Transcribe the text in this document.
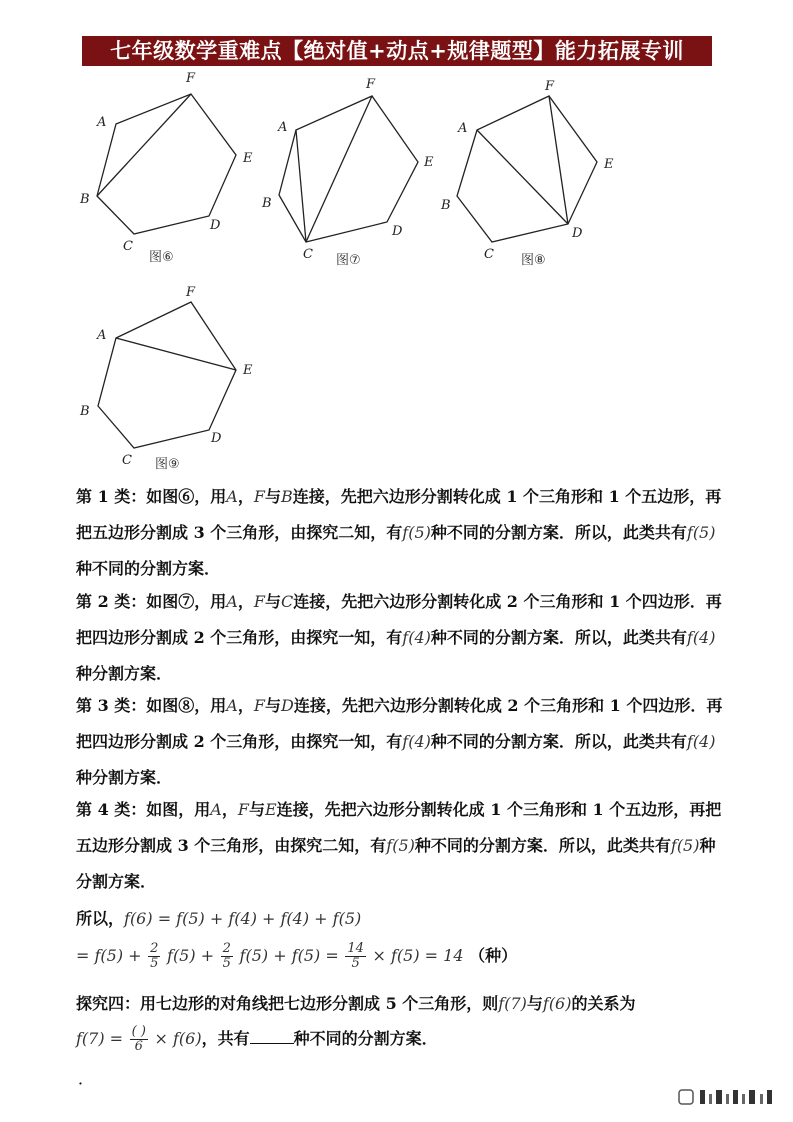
七年级数学重难点【绝对值+动点+规律题型】能力拓展专训
A
B
C
D
E
F
A
B
C
D
E
F
A
B
C
D
E
F
A
B
C
D
E
F
图⑥	图⑦	图⑧
图⑨
第 1 类：如图⑥，用A，F与B连接，先把六边形分割转化成 1 个三角形和 1 个五边形，再把五边形分割成 3 个三角形，由探究二知，有f(5)种不同的分割方案．所以，此类共有f(5)种不同的分割方案．
第 2 类：如图⑦，用A，F与C连接，先把六边形分割转化成 2 个三角形和 1 个四边形．再把四边形分割成 2 个三角形，由探究一知，有f(4)种不同的分割方案．所以，此类共有f(4)种分割方案．
第 3 类：如图⑧，用A，F与D连接，先把六边形分割转化成 2 个三角形和 1 个四边形．再把四边形分割成 2 个三角形，由探究一知，有f(4)种不同的分割方案．所以，此类共有f(4)种分割方案．
第 4 类：如图，用A，F与E连接，先把六边形分割转化成 1 个三角形和 1 个五边形，再把五边形分割成 3 个三角形，由探究二知，有f(5)种不同的分割方案．所以，此类共有f(5)种分割方案．
所以，f(6) = f(5) + f(4) + f(4) + f(5)
= $f(5) + \frac{2}{5} f(5) + \frac{2}{5} f(5) + f(5) = \frac{14}{5} \times f(5) = 14$ （种）
探究四：用七边形的对角线把七边形分割成 5 个三角形，则f(7)与f(6)的关系为
$f(7) = \frac{( )}{6} \times f(6)$，共有	种不同的分割方案．
．
